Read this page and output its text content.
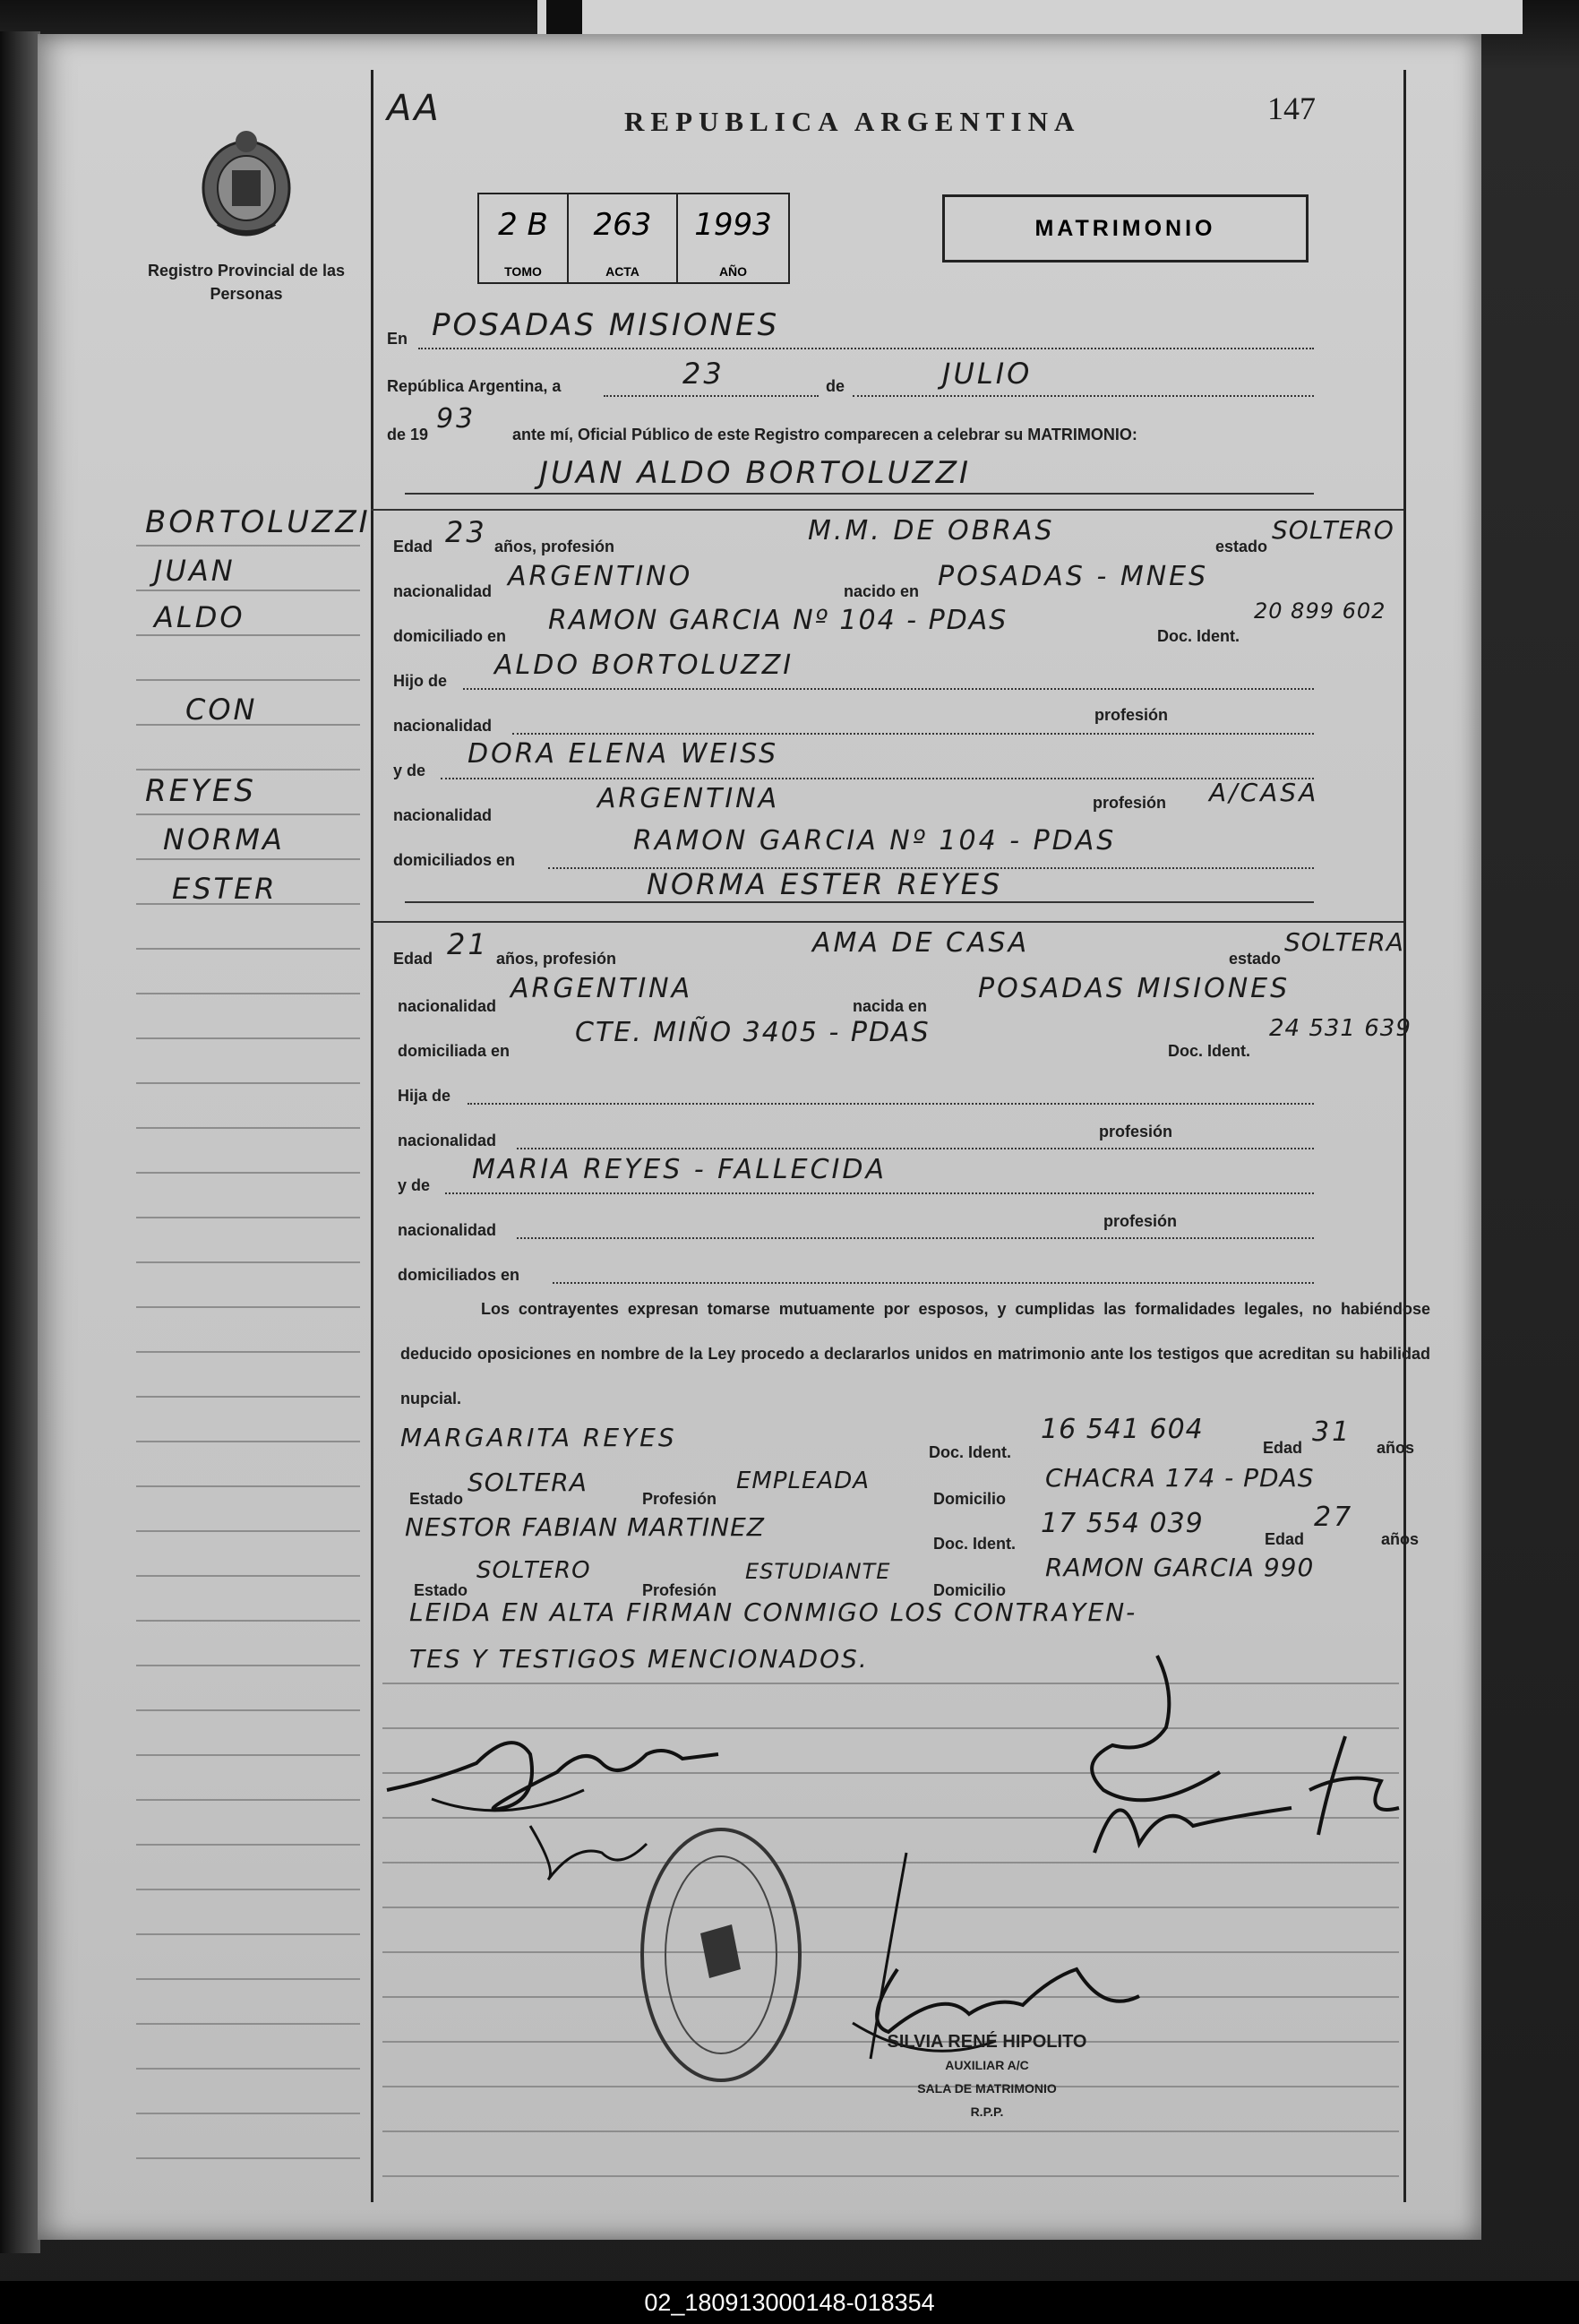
Registro Provincial de las Personas
AA	REPUBLICA ARGENTINA	147
2 B
TOMO
263
ACTA
1993
AÑO
MATRIMONIO
BORTOLUZZI
JUAN
ALDO
CON
REYES
NORMA
ESTER
En POSADAS MISIONES
República Argentina, a	23	de	JULIO
de 19 93 ante mí, Oficial Público de este Registro comparecen a celebrar su MATRIMONIO:
JUAN ALDO BORTOLUZZI
Edad 23 años, profesión	M.M. DE OBRAS	estado
SOLTERO
nacionalidad ARGENTINO	nacido en POSADAS - MNES
domiciliado en RAMON GARCIA Nº 104 - PDAS	Doc. Ident.
20 899 602
Hijo de ALDO BORTOLUZZI
nacionalidad
profesión
y de
DORA ELENA WEISS
nacionalidad
ARGENTINA	profesión A/CASA
domiciliados en
RAMON GARCIA Nº 104 - PDAS
NORMA ESTER REYES
Edad 21 años, profesión	AMA DE CASA	estado
SOLTERA
nacionalidad
ARGENTINA
nacida en
POSADAS MISIONES
domiciliada en
CTE. MIÑO 3405 - PDAS
Doc. Ident.
24 531 639
Hija de
nacionalidad	profesión
y de MARIA REYES - FALLECIDA
nacionalidad	profesión
domiciliados en
Los contrayentes expresan tomarse mutuamente por esposos, y cumplidas las formalidades legales, no habiéndose deducido oposiciones en nombre de la Ley procedo a declararlos unidos en matrimonio ante los testigos que acreditan su habilidad nupcial.
MARGARITA REYES	Doc. Ident.
16 541 604
Edad 31 años
Estado
SOLTERA
Profesión
EMPLEADA
Domicilio
CHACRA 174 - PDAS
NESTOR FABIAN MARTINEZ
Doc. Ident.
17 554 039	Edad
27
años
Estado
SOLTERO
Profesión
ESTUDIANTE
Domicilio
RAMON GARCIA 990
LEIDA EN ALTA FIRMAN CONMIGO LOS CONTRAYEN-
TES Y TESTIGOS MENCIONADOS.
SILVIA RENÉ HIPOLITO
AUXILIAR A/C
SALA DE MATRIMONIO
R.P.P.
02_180913000148-018354
